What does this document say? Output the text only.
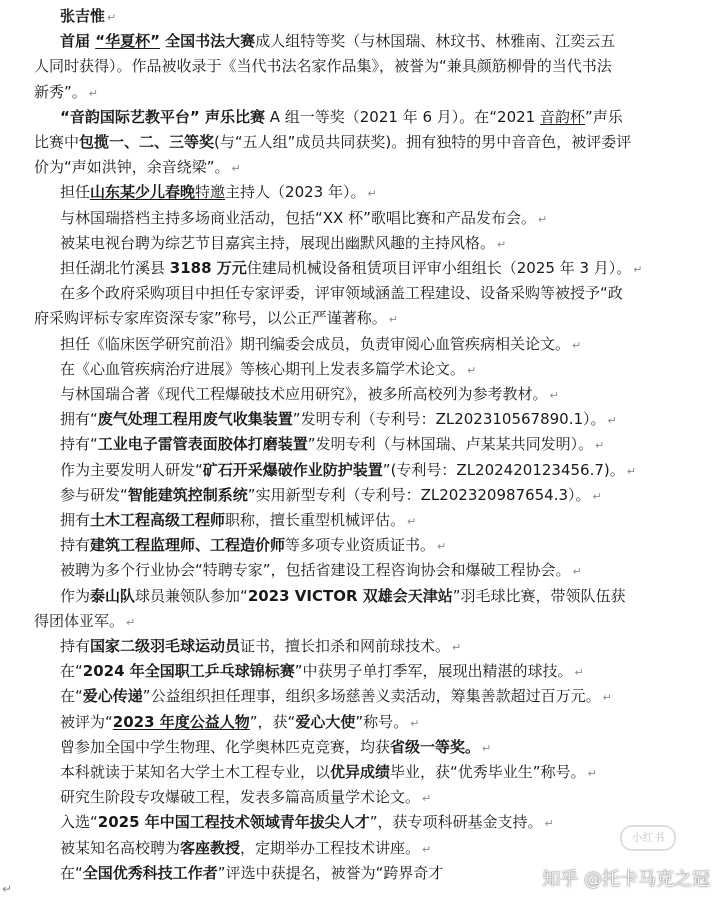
张吉惟 ↵
首届 “华夏杯” 全国书法大赛成人组特等奖（与林国瑞、林玟书、林雅南、江奕云五
人同时获得）。作品被收录于《当代书法名家作品集》，被誉为“兼具颜筋柳骨的当代书法
新秀”。 ↵
“音韵国际艺教平台” 声乐比赛 A 组一等奖（2021 年 6 月）。在“2021 音韵杯”声乐
比赛中包揽一、二、三等奖(与“五人组”成员共同获奖)。拥有独特的男中音音色，被评委评
价为“声如洪钟，余音绕梁”。 ↵
担任山东某少儿春晚特邀主持人（2023 年）。 ↵
与林国瑞搭档主持多场商业活动，包括“XX 杯”歌唱比赛和产品发布会。 ↵
被某电视台聘为综艺节目嘉宾主持，展现出幽默风趣的主持风格。 ↵
担任湖北竹溪县 3188 万元住建局机械设备租赁项目评审小组组长（2025 年 3 月）。 ↵
在多个政府采购项目中担任专家评委，评审领域涵盖工程建设、设备采购等被授予“政
府采购评标专家库资深专家”称号，以公正严谨著称。 ↵
担任《临床医学研究前沿》期刊编委会成员，负责审阅心血管疾病相关论文。 ↵
在《心血管疾病治疗进展》等核心期刊上发表多篇学术论文。 ↵
与林国瑞合著《现代工程爆破技术应用研究》，被多所高校列为参考教材。 ↵
拥有“废气处理工程用废气收集装置”发明专利（专利号：ZL202310567890.1）。 ↵
持有“工业电子雷管表面胶体打磨装置”发明专利（与林国瑞、卢某某共同发明）。 ↵
作为主要发明人研发“矿石开采爆破作业防护装置”(专利号：ZL202420123456.7)。 ↵
参与研发“智能建筑控制系统”实用新型专利（专利号：ZL202320987654.3）。 ↵
拥有土木工程高级工程师职称，擅长重型机械评估。 ↵
持有建筑工程监理师、工程造价师等多项专业资质证书。 ↵
被聘为多个行业协会“特聘专家”，包括省建设工程咨询协会和爆破工程协会。 ↵
作为泰山队球员兼领队参加“2023 VICTOR 双雄会天津站”羽毛球比赛，带领队伍获
得团体亚军。 ↵
持有国家二级羽毛球运动员证书，擅长扣杀和网前球技术。 ↵
在“2024 年全国职工乒乓球锦标赛”中获男子单打季军，展现出精湛的球技。 ↵
在“爱心传递”公益组织担任理事，组织多场慈善义卖活动，筹集善款超过百万元。 ↵
被评为“2023 年度公益人物”，获“爱心大使”称号。 ↵
曾参加全国中学生物理、化学奥林匹克竞赛，均获省级一等奖。 ↵
本科就读于某知名大学土木工程专业，以优异成绩毕业，获“优秀毕业生”称号。 ↵
研究生阶段专攻爆破工程，发表多篇高质量学术论文。 ↵
入选“2025 年中国工程技术领域青年拔尖人才”，获专项科研基金支持。 ↵
被某知名高校聘为客座教授，定期举办工程技术讲座。 ↵
在“全国优秀科技工作者”评选中获提名，被誉为“跨界奇才
小红书
知乎 @托卡马克之冠
↵
